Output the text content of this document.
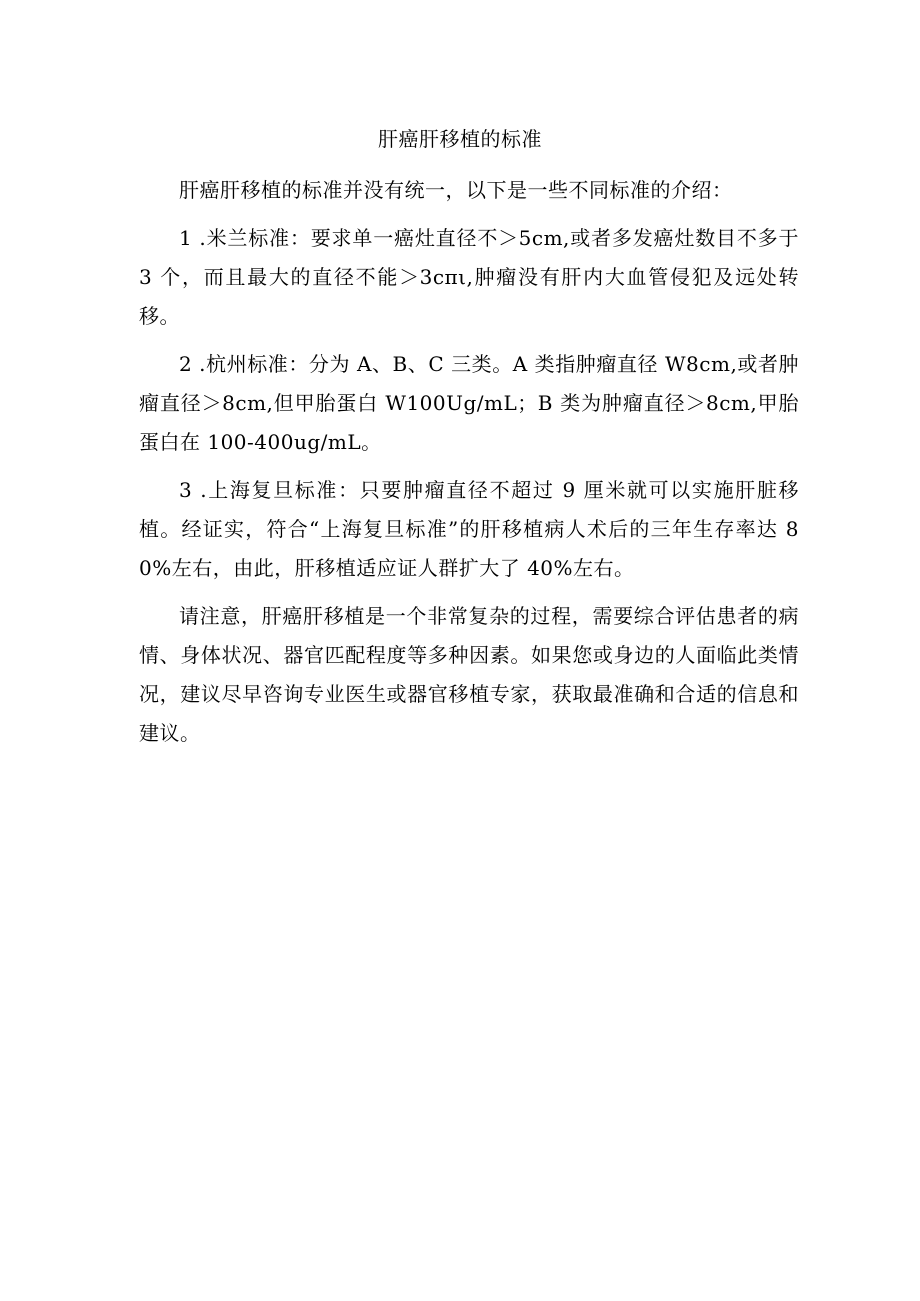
肝癌肝移植的标准

肝癌肝移植的标准并没有统一，以下是一些不同标准的介绍：

1 .米兰标准：要求单一癌灶直径不＞5cm,或者多发癌灶数目不多于 3 个，而且最大的直径不能＞3cπι,肿瘤没有肝内大血管侵犯及远处转移。

2 .杭州标准：分为 A、B、C 三类。A 类指肿瘤直径 W8cm,或者肿瘤直径＞8cm,但甲胎蛋白 W100Ug/mL；B 类为肿瘤直径＞8cm,甲胎蛋白在 100-400ug/mL。

3 .上海复旦标准：只要肿瘤直径不超过 9 厘米就可以实施肝脏移植。经证实，符合“上海复旦标准”的肝移植病人术后的三年生存率达 80%左右，由此，肝移植适应证人群扩大了 40%左右。

请注意，肝癌肝移植是一个非常复杂的过程，需要综合评估患者的病情、身体状况、器官匹配程度等多种因素。如果您或身边的人面临此类情况，建议尽早咨询专业医生或器官移植专家，获取最准确和合适的信息和建议。
